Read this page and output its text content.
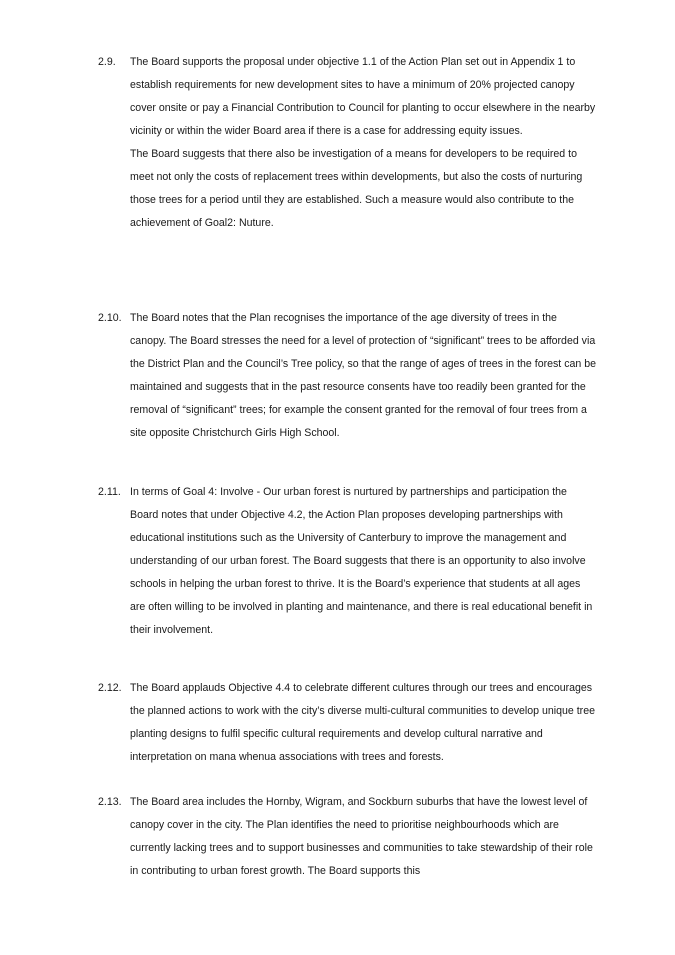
2.9. The Board supports the proposal under objective 1.1 of the Action Plan set out in Appendix 1 to establish requirements for new development sites to have a minimum of 20% projected canopy cover onsite or pay a Financial Contribution to Council for planting to occur elsewhere in the nearby vicinity or within the wider Board area if there is a case for addressing equity issues.

The Board suggests that there also be investigation of a means for developers to be required to meet not only the costs of replacement trees within developments, but also the costs of nurturing those trees for a period until they are established. Such a measure would also contribute to the achievement of Goal2: Nuture.

2.10. The Board notes that the Plan recognises the importance of the age diversity of trees in the canopy. The Board stresses the need for a level of protection of “significant” trees to be afforded via the District Plan and the Council’s Tree policy, so that the range of ages of trees in the forest can be maintained and suggests that in the past resource consents have too readily been granted for the removal of “significant” trees; for example the consent granted for the removal of four trees from a site opposite Christchurch Girls High School.

2.11. In terms of Goal 4: Involve - Our urban forest is nurtured by partnerships and participation the Board notes that under Objective 4.2, the Action Plan proposes developing partnerships with educational institutions such as the University of Canterbury to improve the management and understanding of our urban forest. The Board suggests that there is an opportunity to also involve schools in helping the urban forest to thrive. It is the Board’s experience that students at all ages are often willing to be involved in planting and maintenance, and there is real educational benefit in their involvement.

2.12. The Board applauds Objective 4.4 to celebrate different cultures through our trees and encourages the planned actions to work with the city’s diverse multi-cultural communities to develop unique tree planting designs to fulfil specific cultural requirements and develop cultural narrative and interpretation on mana whenua associations with trees and forests.

2.13. The Board area includes the Hornby, Wigram, and Sockburn suburbs that have the lowest level of canopy cover in the city. The Plan identifies the need to prioritise neighbourhoods which are currently lacking trees and to support businesses and communities to take stewardship of their role in contributing to urban forest growth. The Board supports this
